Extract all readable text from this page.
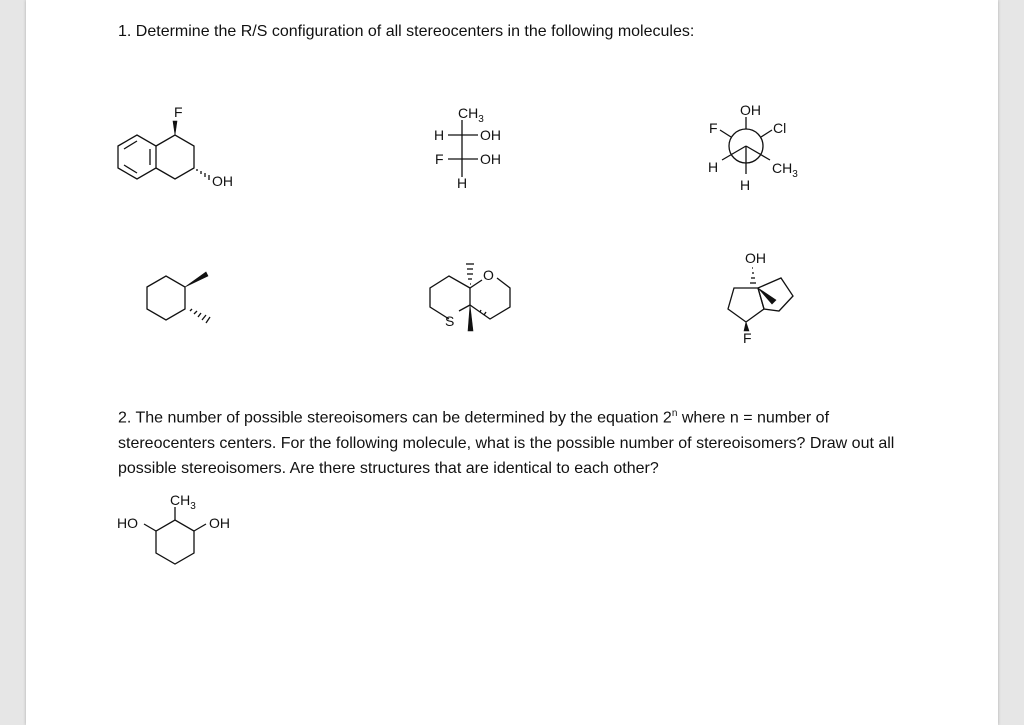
1. Determine the R/S configuration of all stereocenters in the following molecules:
2. The number of possible stereoisomers can be determined by the equation 2$^n$ where n = number of stereocenters centers. For the following molecule, what is the possible number of stereoisomers? Draw out all possible stereoisomers. Are there structures that are identical to each other?
F
OH
$CH_3$
H	OH
F	OH
H
OH
F	Cl
H
H
$CH_3$
O
S
OH
F
$CH_3$
HO	OH
